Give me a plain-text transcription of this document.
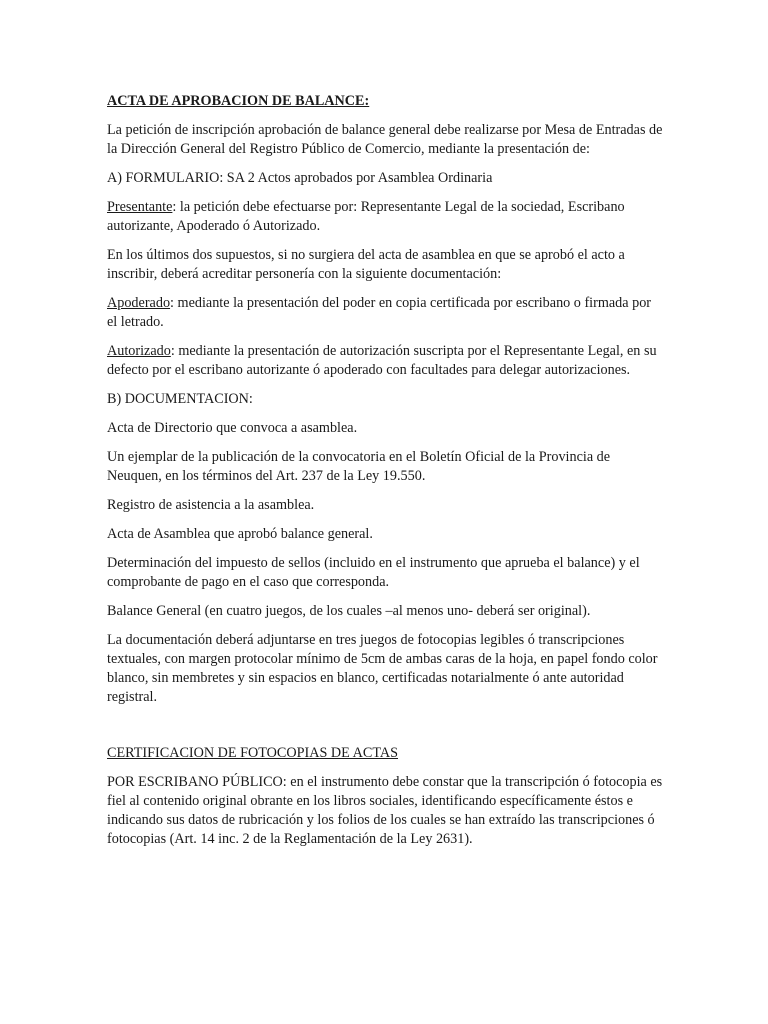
ACTA DE APROBACION DE BALANCE:

La petición de inscripción aprobación de balance general debe realizarse por Mesa de Entradas de la Dirección General del Registro Público de Comercio, mediante la presentación de:

A) FORMULARIO: SA 2 Actos aprobados por Asamblea Ordinaria

Presentante: la petición debe efectuarse por: Representante Legal de la sociedad, Escribano autorizante, Apoderado ó Autorizado.

En los últimos dos supuestos, si no surgiera del acta de asamblea en que se aprobó el acto a inscribir, deberá acreditar personería con la siguiente documentación:

Apoderado: mediante la presentación del poder en copia certificada por escribano o firmada por el letrado.

Autorizado: mediante la presentación de autorización suscripta por el Representante Legal, en su defecto por el escribano autorizante ó apoderado con facultades para delegar autorizaciones.

B) DOCUMENTACION:

Acta de Directorio que convoca a asamblea.

Un ejemplar de la publicación de la convocatoria en el Boletín Oficial de la Provincia de Neuquen, en los términos del Art. 237 de la Ley 19.550.

Registro de asistencia a la asamblea.

Acta de Asamblea que aprobó balance general.

Determinación del impuesto de sellos (incluido en el instrumento que aprueba el balance) y el comprobante de pago en el caso que corresponda.

Balance General (en cuatro juegos, de los cuales –al menos uno- deberá ser original).

La documentación deberá adjuntarse en tres juegos de fotocopias legibles ó transcripciones textuales, con margen protocolar mínimo de 5cm de ambas caras de la hoja, en papel fondo color blanco, sin membretes y sin espacios en blanco, certificadas notarialmente ó ante autoridad registral.

CERTIFICACION DE FOTOCOPIAS DE ACTAS

POR ESCRIBANO PÚBLICO: en el instrumento debe constar que la transcripción ó fotocopia es fiel al contenido original obrante en los libros sociales, identificando específicamente éstos e indicando sus datos de rubricación y los folios de los cuales se han extraído las transcripciones ó fotocopias (Art. 14 inc. 2 de la Reglamentación de la Ley 2631).
